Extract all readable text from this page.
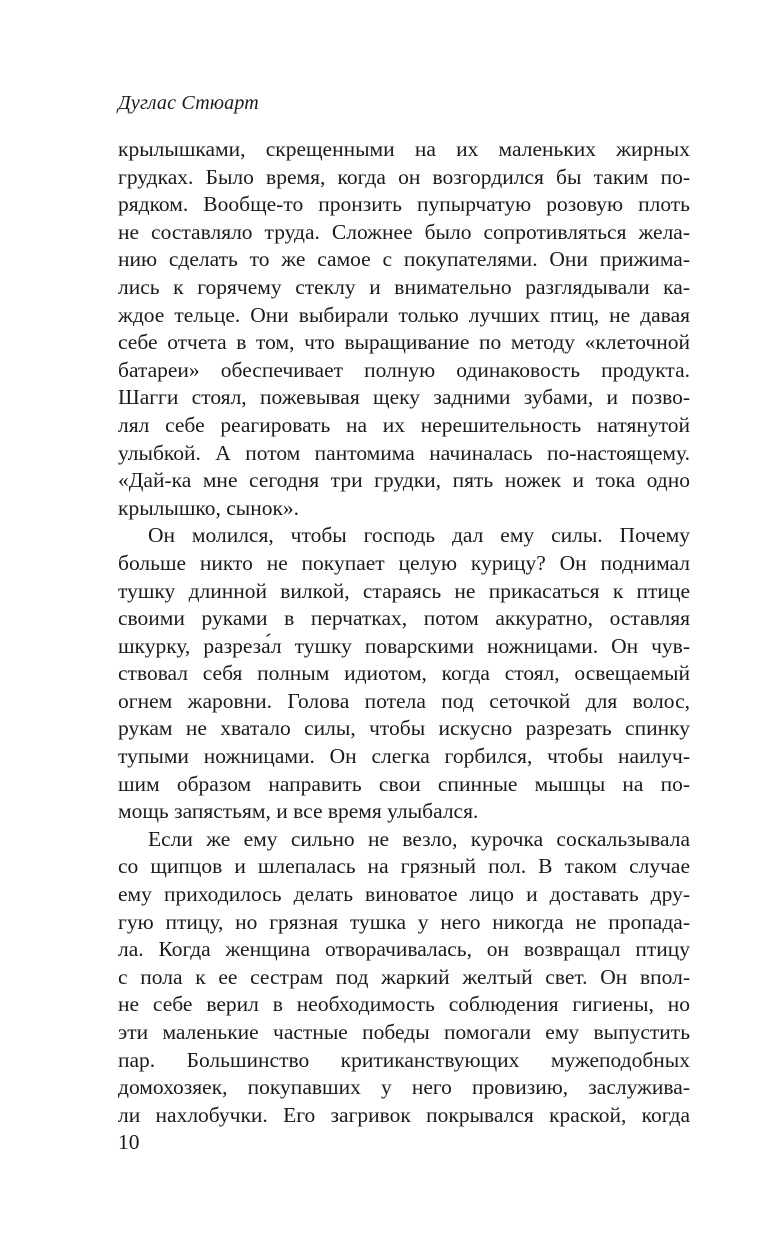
Дуглас Стюарт
крылышками, скрещенными на их маленьких жирных
грудках. Было время, когда он возгордился бы таким по-
рядком. Вообще-то пронзить пупырчатую розовую плоть
не составляло труда. Сложнее было сопротивляться жела-
нию сделать то же самое с покупателями. Они прижима-
лись к горячему стеклу и внимательно разглядывали ка-
ждое тельце. Они выбирали только лучших птиц, не давая
себе отчета в том, что выращивание по методу «клеточной
батареи» обеспечивает полную одинаковость продукта.
Шагги стоял, пожевывая щеку задними зубами, и позво-
лял себе реагировать на их нерешительность натянутой
улыбкой. А потом пантомима начиналась по-настоящему.
«Дай-ка мне сегодня три грудки, пять ножек и тока одно
крылышко, сынок».
Он молился, чтобы господь дал ему силы. Почему
больше никто не покупает целую курицу? Он поднимал
тушку длинной вилкой, стараясь не прикасаться к птице
своими руками в перчатках, потом аккуратно, оставляя
шкурку, разреза́л тушку поварскими ножницами. Он чув-
ствовал себя полным идиотом, когда стоял, освещаемый
огнем жаровни. Голова потела под сеточкой для волос,
рукам не хватало силы, чтобы искусно разрезать спинку
тупыми ножницами. Он слегка горбился, чтобы наилуч-
шим образом направить свои спинные мышцы на по-
мощь запястьям, и все время улыбался.
Если же ему сильно не везло, курочка соскальзывала
со щипцов и шлепалась на грязный пол. В таком случае
ему приходилось делать виноватое лицо и доставать дру-
гую птицу, но грязная тушка у него никогда не пропада-
ла. Когда женщина отворачивалась, он возвращал птицу
с пола к ее сестрам под жаркий желтый свет. Он впол-
не себе верил в необходимость соблюдения гигиены, но
эти маленькие частные победы помогали ему выпустить
пар. Большинство критиканствующих мужеподобных
домохозяек, покупавших у него провизию, заслужива-
ли нахлобучки. Его загривок покрывался краской, когда
10
